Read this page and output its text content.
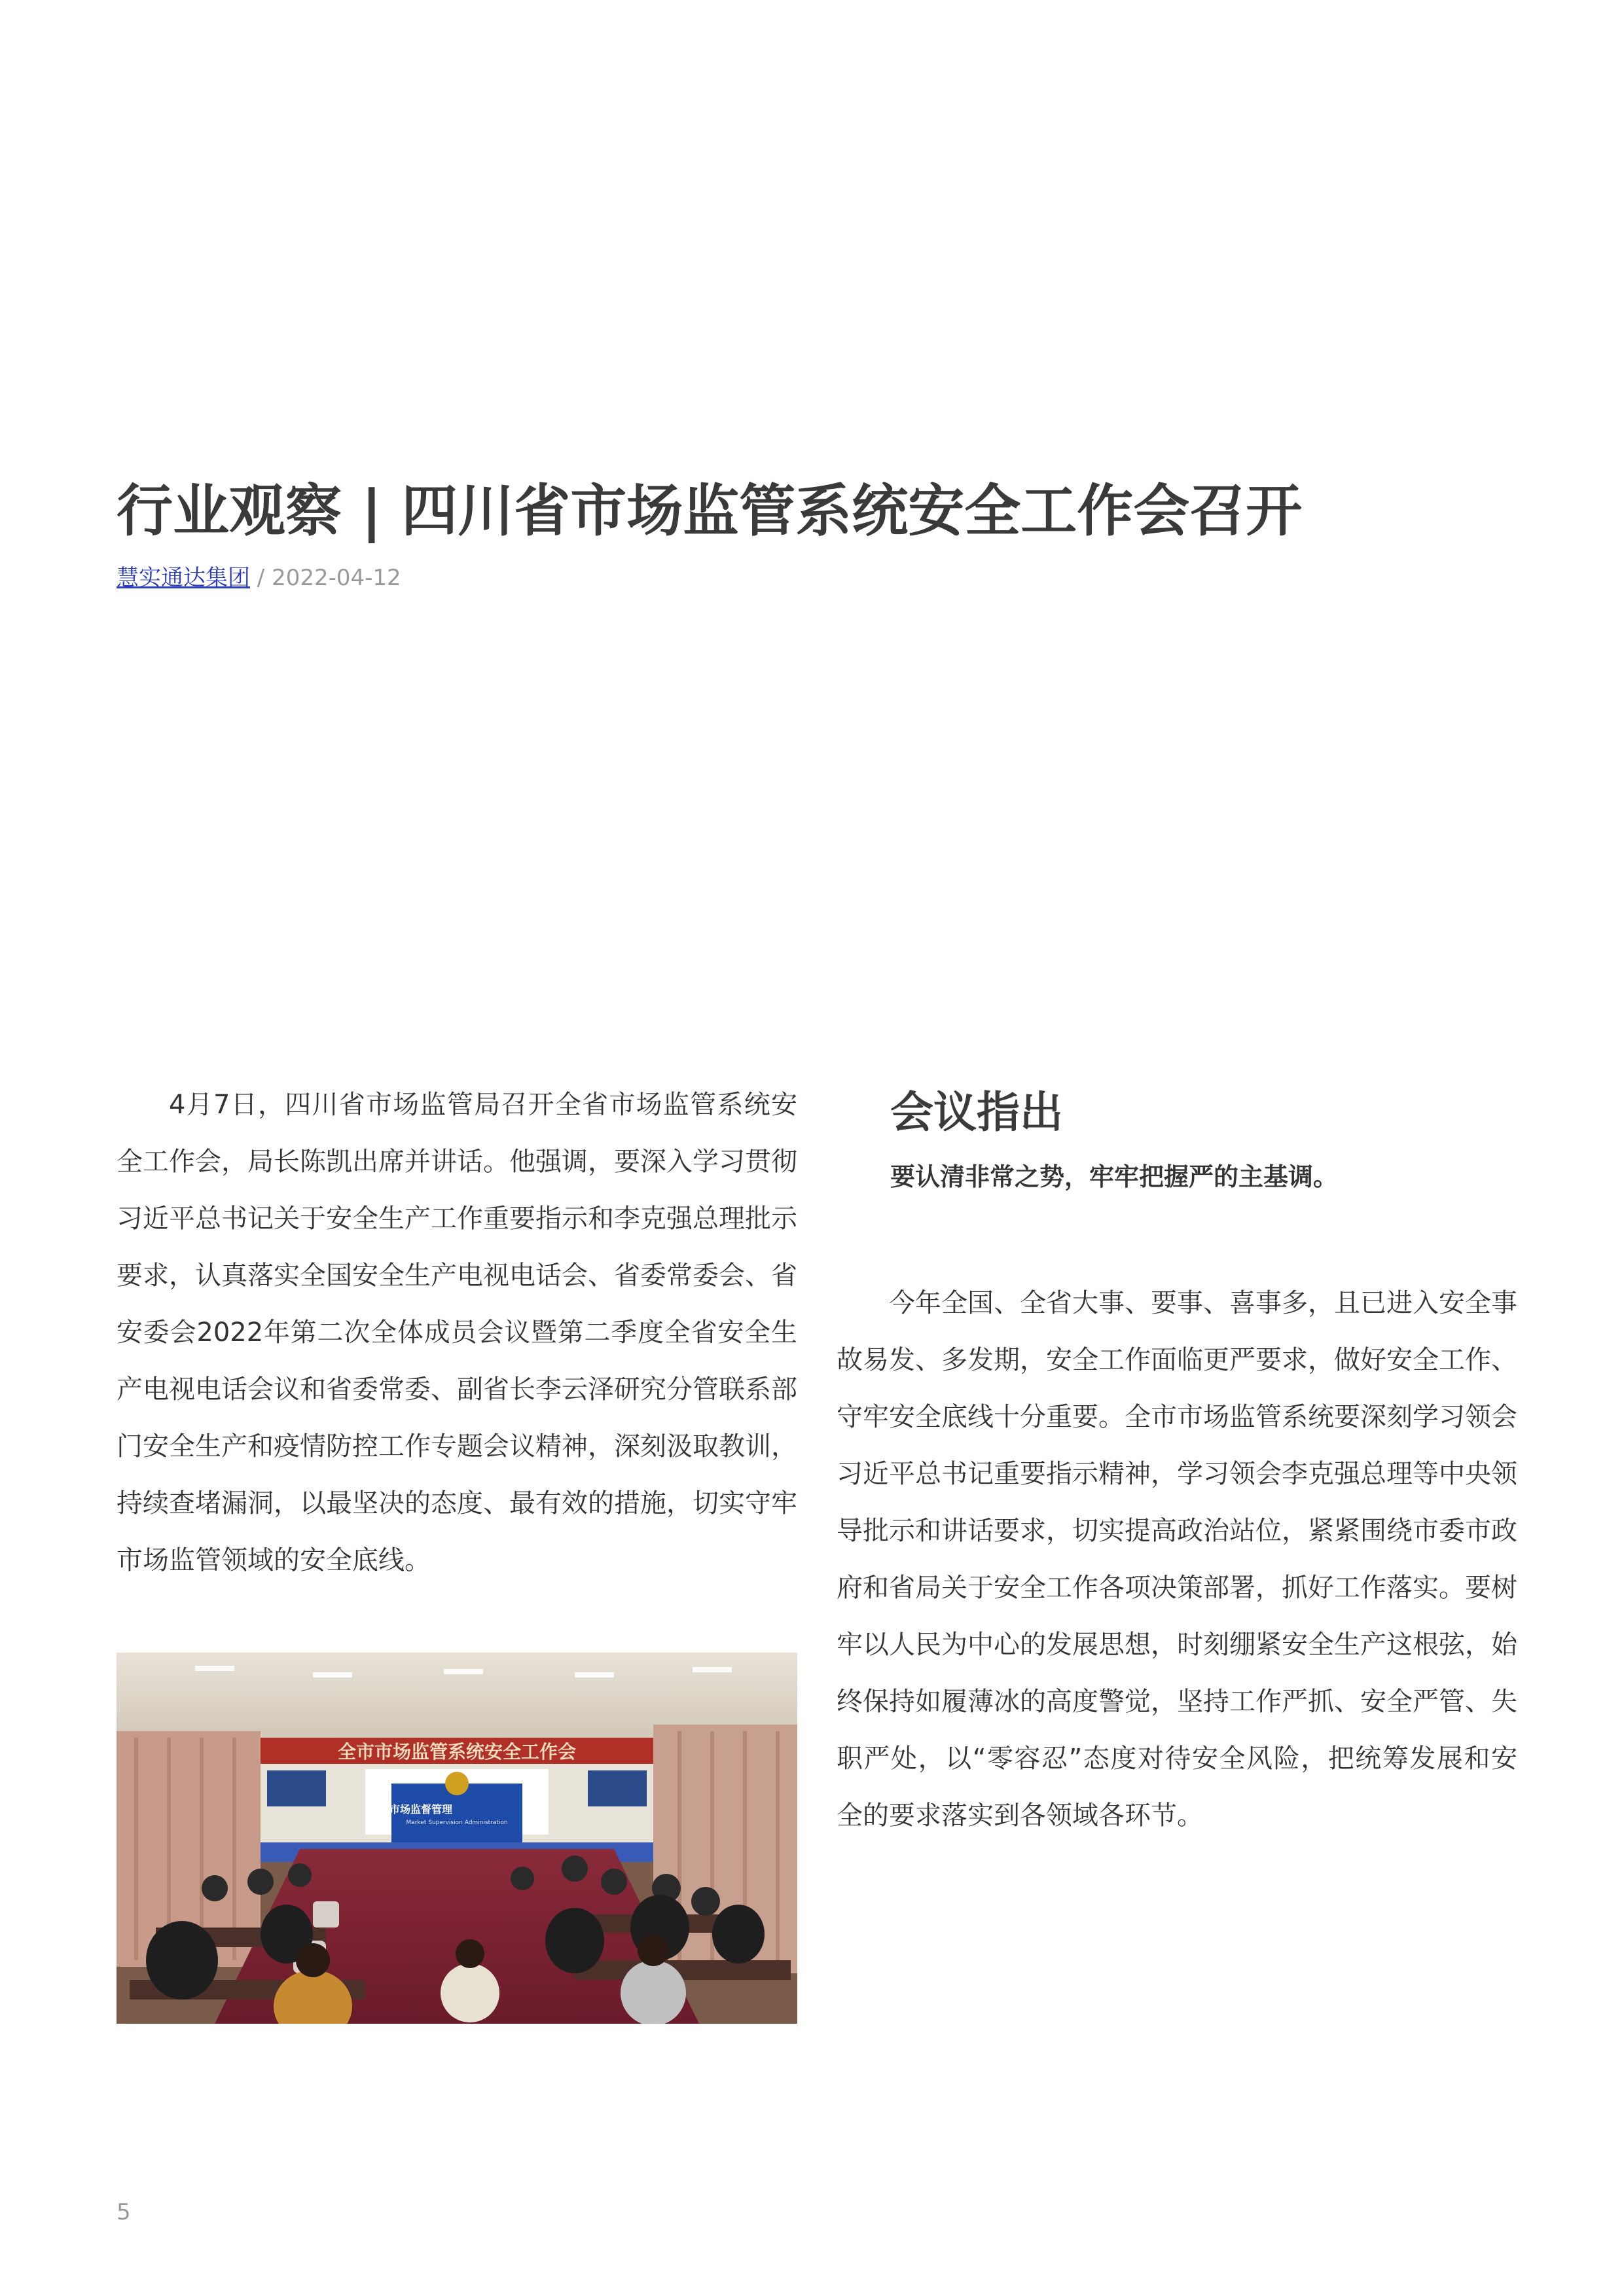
行业观察 | 四川省市场监管系统安全工作会召开
慧实通达集团 / 2022-04-12

4月7日，四川省市场监管局召开全省市场监管系统安全工作会，局长陈凯出席并讲话。他强调，要深入学习贯彻习近平总书记关于安全生产工作重要指示和李克强总理批示要求，认真落实全国安全生产电视电话会、省委常委会、省安委会2022年第二次全体成员会议暨第二季度全省安全生产电视电话会议和省委常委、副省长李云泽研究分管联系部门安全生产和疫情防控工作专题会议精神，深刻汲取教训，持续查堵漏洞，以最坚决的态度、最有效的措施，切实守牢市场监管领域的安全底线。

全市市场监管系统安全工作会
市场监督管理
Market Supervision Administration
会议指出

要认清非常之势，牢牢把握严的主基调。

今年全国、全省大事、要事、喜事多，且已进入安全事故易发、多发期，安全工作面临更严要求，做好安全工作、守牢安全底线十分重要。全市市场监管系统要深刻学习领会习近平总书记重要指示精神，学习领会李克强总理等中央领导批示和讲话要求，切实提高政治站位，紧紧围绕市委市政府和省局关于安全工作各项决策部署，抓好工作落实。要树牢以人民为中心的发展思想，时刻绷紧安全生产这根弦，始终保持如履薄冰的高度警觉，坚持工作严抓、安全严管、失职严处，以“零容忍”态度对待安全风险，把统筹发展和安全的要求落实到各领域各环节。

5
